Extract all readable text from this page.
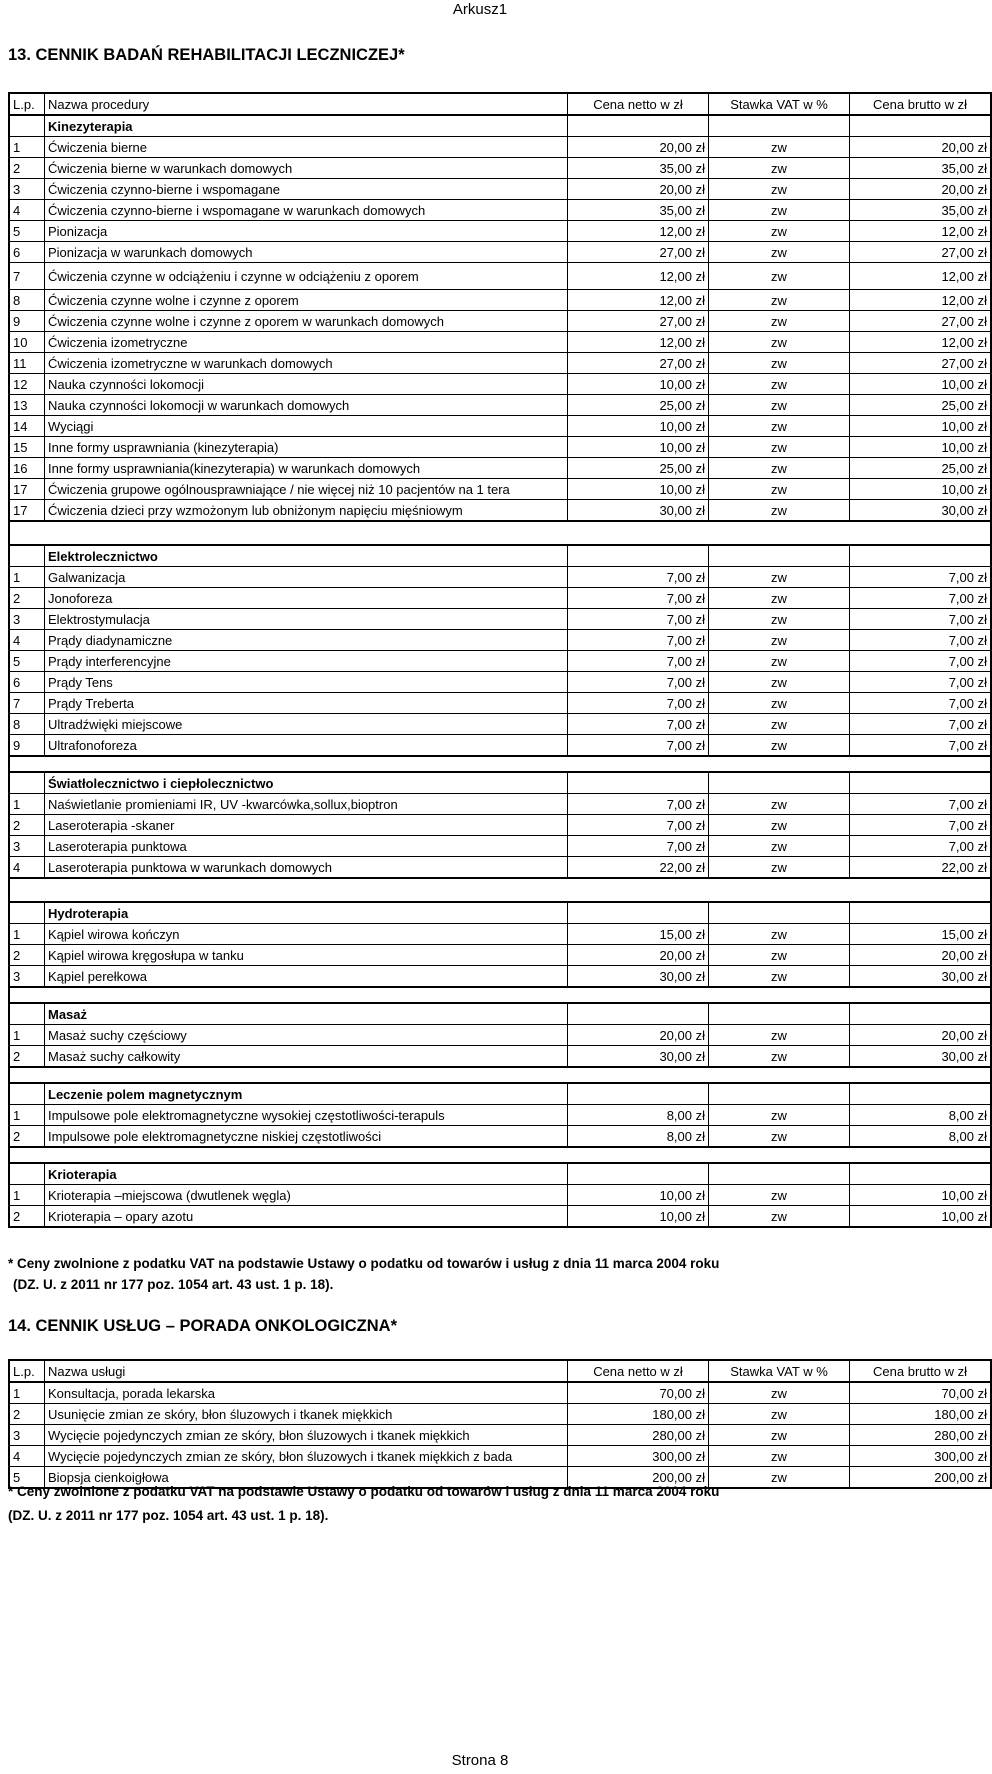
Arkusz1
13. CENNIK BADAŃ REHABILITACJI LECZNICZEJ*
L.p.	Nazwa procedury	Cena netto w zł	Stawka VAT w %	Cena brutto w zł
	Kinezyterapia			
1	Ćwiczenia bierne	20,00 zł	zw	20,00 zł
2	Ćwiczenia bierne w warunkach domowych	35,00 zł	zw	35,00 zł
3	Ćwiczenia czynno-bierne i wspomagane	20,00 zł	zw	20,00 zł
4	Ćwiczenia czynno-bierne i wspomagane w warunkach domowych	35,00 zł	zw	35,00 zł
5	Pionizacja	12,00 zł	zw	12,00 zł
6	Pionizacja w warunkach domowych	27,00 zł	zw	27,00 zł
7	Ćwiczenia czynne w odciążeniu i czynne w odciążeniu z oporem	12,00 zł	zw	12,00 zł
8	Ćwiczenia czynne wolne i czynne z oporem	12,00 zł	zw	12,00 zł
9	Ćwiczenia czynne wolne i czynne z oporem w warunkach domowych	27,00 zł	zw	27,00 zł
10	Ćwiczenia izometryczne	12,00 zł	zw	12,00 zł
11	Ćwiczenia izometryczne w warunkach domowych	27,00 zł	zw	27,00 zł
12	Nauka czynności lokomocji	10,00 zł	zw	10,00 zł
13	Nauka czynności lokomocji w warunkach domowych	25,00 zł	zw	25,00 zł
14	Wyciągi	10,00 zł	zw	10,00 zł
15	Inne formy usprawniania (kinezyterapia)	10,00 zł	zw	10,00 zł
16	Inne formy usprawniania(kinezyterapia) w warunkach domowych	25,00 zł	zw	25,00 zł
17	Ćwiczenia grupowe ogólnousprawniające / nie więcej niż 10 pacjentów na 1 tera	10,00 zł	zw	10,00 zł
17	Ćwiczenia dzieci przy wzmożonym lub obniżonym napięciu mięśniowym	30,00 zł	zw	30,00 zł

	Elektrolecznictwo			
1	Galwanizacja	7,00 zł	zw	7,00 zł
2	Jonoforeza	7,00 zł	zw	7,00 zł
3	Elektrostymulacja	7,00 zł	zw	7,00 zł
4	Prądy diadynamiczne	7,00 zł	zw	7,00 zł
5	Prądy interferencyjne	7,00 zł	zw	7,00 zł
6	Prądy Tens	7,00 zł	zw	7,00 zł
7	Prądy Treberta	7,00 zł	zw	7,00 zł
8	Ultradźwięki miejscowe	7,00 zł	zw	7,00 zł
9	Ultrafonoforeza	7,00 zł	zw	7,00 zł

	Światłolecznictwo i ciepłolecznictwo			
1	Naświetlanie promieniami IR, UV -kwarcówka,sollux,bioptron	7,00 zł	zw	7,00 zł
2	Laseroterapia -skaner	7,00 zł	zw	7,00 zł
3	Laseroterapia punktowa	7,00 zł	zw	7,00 zł
4	Laseroterapia punktowa w warunkach domowych	22,00 zł	zw	22,00 zł

	Hydroterapia			
1	Kąpiel wirowa kończyn	15,00 zł	zw	15,00 zł
2	Kąpiel wirowa kręgosłupa w tanku	20,00 zł	zw	20,00 zł
3	Kąpiel perełkowa	30,00 zł	zw	30,00 zł

	Masaż			
1	Masaż suchy częściowy	20,00 zł	zw	20,00 zł
2	Masaż suchy całkowity	30,00 zł	zw	30,00 zł

	Leczenie polem magnetycznym			
1	Impulsowe pole elektromagnetyczne wysokiej częstotliwości-terapuls	8,00 zł	zw	8,00 zł
2	Impulsowe pole elektromagnetyczne niskiej częstotliwości	8,00 zł	zw	8,00 zł

	Krioterapia			
1	Krioterapia –miejscowa (dwutlenek węgla)	10,00 zł	zw	10,00 zł
2	Krioterapia – opary azotu	10,00 zł	zw	10,00 zł
* Ceny zwolnione z podatku VAT na podstawie Ustawy o podatku od towarów i usług z dnia 11 marca 2004 roku
(DZ. U. z 2011 nr 177 poz. 1054 art. 43 ust. 1 p. 18).
14. CENNIK USŁUG – PORADA ONKOLOGICZNA*
L.p.	Nazwa usługi	Cena netto w zł	Stawka VAT w %	Cena brutto w zł
1	Konsultacja, porada lekarska	70,00 zł	zw	70,00 zł
2	Usunięcie zmian ze skóry, błon śluzowych i tkanek miękkich	180,00 zł	zw	180,00 zł
3	Wycięcie pojedynczych zmian ze skóry, błon śluzowych i tkanek miękkich	280,00 zł	zw	280,00 zł
4	Wycięcie pojedynczych zmian ze skóry, błon śluzowych i tkanek miękkich z bada	300,00 zł	zw	300,00 zł
5	Biopsja cienkoigłowa	200,00 zł	zw	200,00 zł
* Ceny zwolnione z podatku VAT na podstawie Ustawy o podatku od towarów i usług z dnia 11 marca 2004 roku
(DZ. U. z 2011 nr 177 poz. 1054 art. 43 ust. 1 p. 18).
Strona 8
